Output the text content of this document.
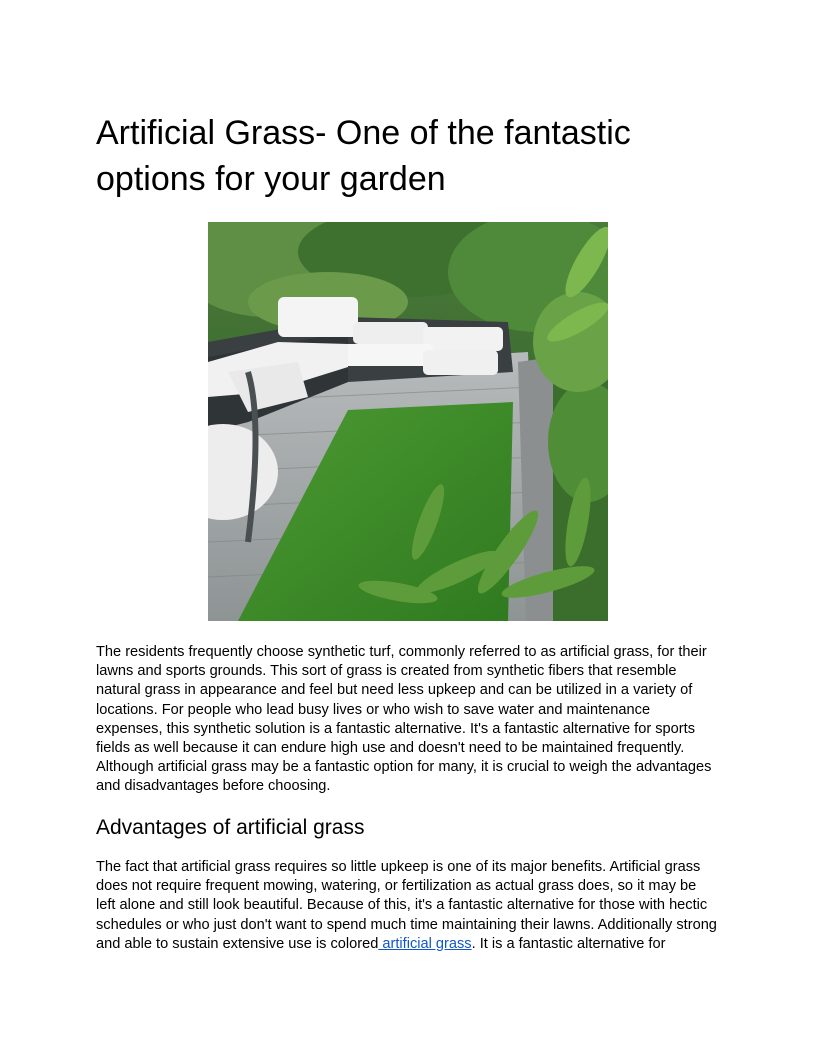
Artificial Grass- One of the fantastic options for your garden

The residents frequently choose synthetic turf, commonly referred to as artificial grass, for their lawns and sports grounds. This sort of grass is created from synthetic fibers that resemble natural grass in appearance and feel but need less upkeep and can be utilized in a variety of locations. For people who lead busy lives or who wish to save water and maintenance expenses, this synthetic solution is a fantastic alternative. It's a fantastic alternative for sports fields as well because it can endure high use and doesn't need to be maintained frequently. Although artificial grass may be a fantastic option for many, it is crucial to weigh the advantages and disadvantages before choosing.

Advantages of artificial grass

The fact that artificial grass requires so little upkeep is one of its major benefits. Artificial grass does not require frequent mowing, watering, or fertilization as actual grass does, so it may be left alone and still look beautiful. Because of this, it's a fantastic alternative for those with hectic schedules or who just don't want to spend much time maintaining their lawns. Additionally strong and able to sustain extensive use is colored artificial grass. It is a fantastic alternative for
